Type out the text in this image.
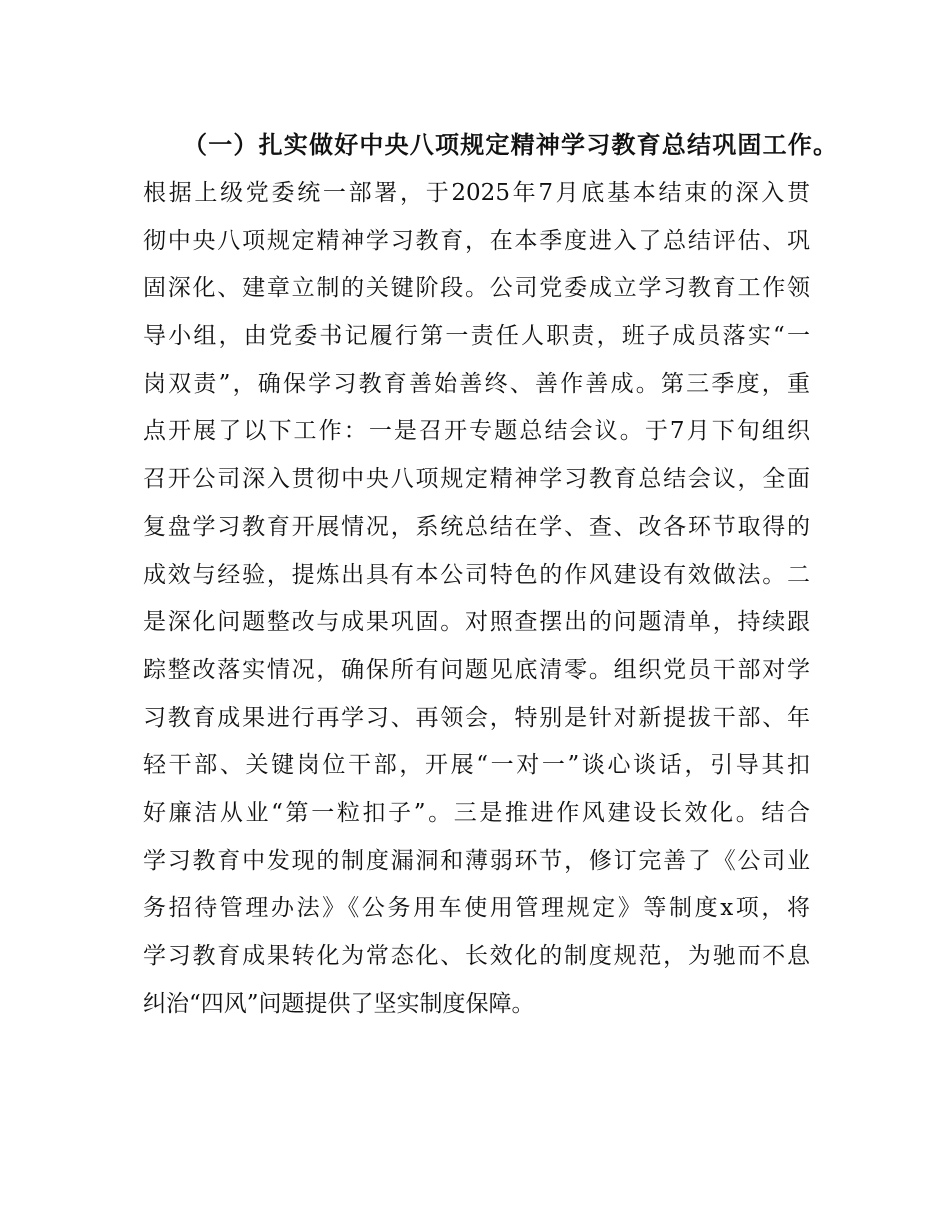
（一）扎实做好中央八项规定精神学习教育总结巩固工作。
根据上级党委统一部署，于2025年7月底基本结束的深入贯
彻中央八项规定精神学习教育，在本季度进入了总结评估、巩
固深化、建章立制的关键阶段。公司党委成立学习教育工作领
导小组，由党委书记履行第一责任人职责，班子成员落实“一
岗双责”，确保学习教育善始善终、善作善成。第三季度，重
点开展了以下工作：一是召开专题总结会议。于7月下旬组织
召开公司深入贯彻中央八项规定精神学习教育总结会议，全面
复盘学习教育开展情况，系统总结在学、查、改各环节取得的
成效与经验，提炼出具有本公司特色的作风建设有效做法。二
是深化问题整改与成果巩固。对照查摆出的问题清单，持续跟
踪整改落实情况，确保所有问题见底清零。组织党员干部对学
习教育成果进行再学习、再领会，特别是针对新提拔干部、年
轻干部、关键岗位干部，开展“一对一”谈心谈话，引导其扣
好廉洁从业“第一粒扣子”。三是推进作风建设长效化。结合
学习教育中发现的制度漏洞和薄弱环节，修订完善了《公司业
务招待管理办法》《公务用车使用管理规定》等制度x项，将
学习教育成果转化为常态化、长效化的制度规范，为驰而不息
纠治“四风”问题提供了坚实制度保障。
